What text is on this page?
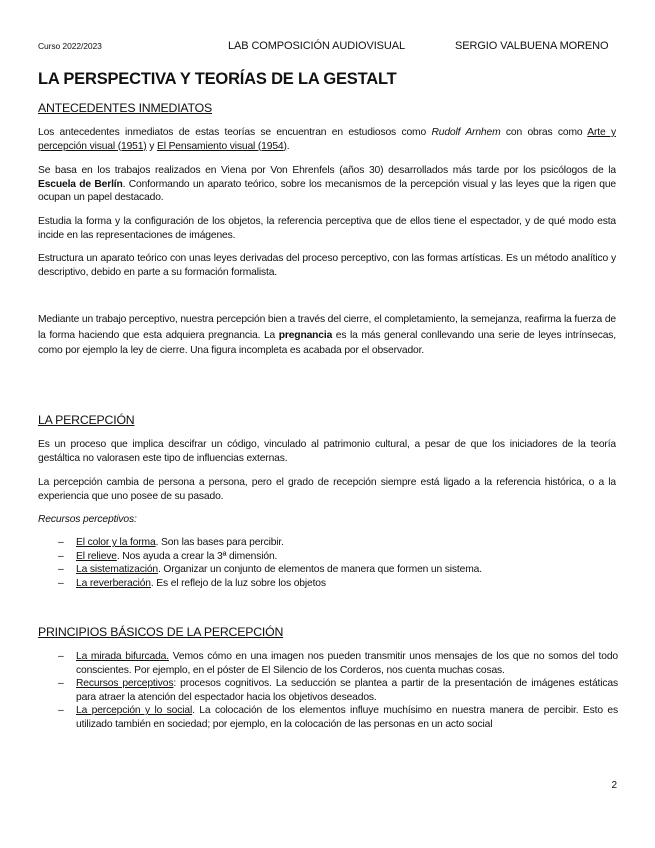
Curso 2022/2023	LAB COMPOSICIÓN AUDIOVISUAL	SERGIO VALBUENA MORENO
LA PERSPECTIVA Y TEORÍAS DE LA GESTALT
ANTECEDENTES INMEDIATOS

Los antecedentes inmediatos de estas teorías se encuentran en estudiosos como Rudolf Arnhem con obras como Arte y percepción visual (1951) y El Pensamiento visual (1954).

Se basa en los trabajos realizados en Viena por Von Ehrenfels (años 30) desarrollados más tarde por los psicólogos de la Escuela de Berlín. Conformando un aparato teórico, sobre los mecanismos de la percepción visual y las leyes que la rigen que ocupan un papel destacado.

Estudia la forma y la configuración de los objetos, la referencia perceptiva que de ellos tiene el espectador, y de qué modo esta incide en las representaciones de imágenes.

Estructura un aparato teórico con unas leyes derivadas del proceso perceptivo, con las formas artísticas. Es un método analítico y descriptivo, debido en parte a su formación formalista.

Mediante un trabajo perceptivo, nuestra percepción bien a través del cierre, el completamiento, la semejanza, reafirma la fuerza de la forma haciendo que esta adquiera pregnancia. La pregnancia es la más general conllevando una serie de leyes intrínsecas, como por ejemplo la ley de cierre. Una figura incompleta es acabada por el observador.

LA PERCEPCIÓN

Es un proceso que implica descifrar un código, vinculado al patrimonio cultural, a pesar de que los iniciadores de la teoría gestáltica no valorasen este tipo de influencias externas.

La percepción cambia de persona a persona, pero el grado de recepción siempre está ligado a la referencia histórica, o a la experiencia que uno posee de su pasado.

Recursos perceptivos:

– El color y la forma. Son las bases para percibir.
– El relieve. Nos ayuda a crear la 3ª dimensión.
– La sistematización. Organizar un conjunto de elementos de manera que formen un sistema.
– La reverberación. Es el reflejo de la luz sobre los objetos
PRINCIPIOS BÁSICOS DE LA PERCEPCIÓN
– La mirada bifurcada. Vemos cómo en una imagen nos pueden transmitir unos mensajes de los que no somos del todo conscientes. Por ejemplo, en el póster de El Silencio de los Corderos, nos cuenta muchas cosas.
– Recursos perceptivos: procesos cognitivos. La seducción se plantea a partir de la presentación de imágenes estáticas para atraer la atención del espectador hacia los objetivos deseados.
– La percepción y lo social. La colocación de los elementos influye muchísimo en nuestra manera de percibir. Esto es utilizado también en sociedad; por ejemplo, en la colocación de las personas en un acto social
2
